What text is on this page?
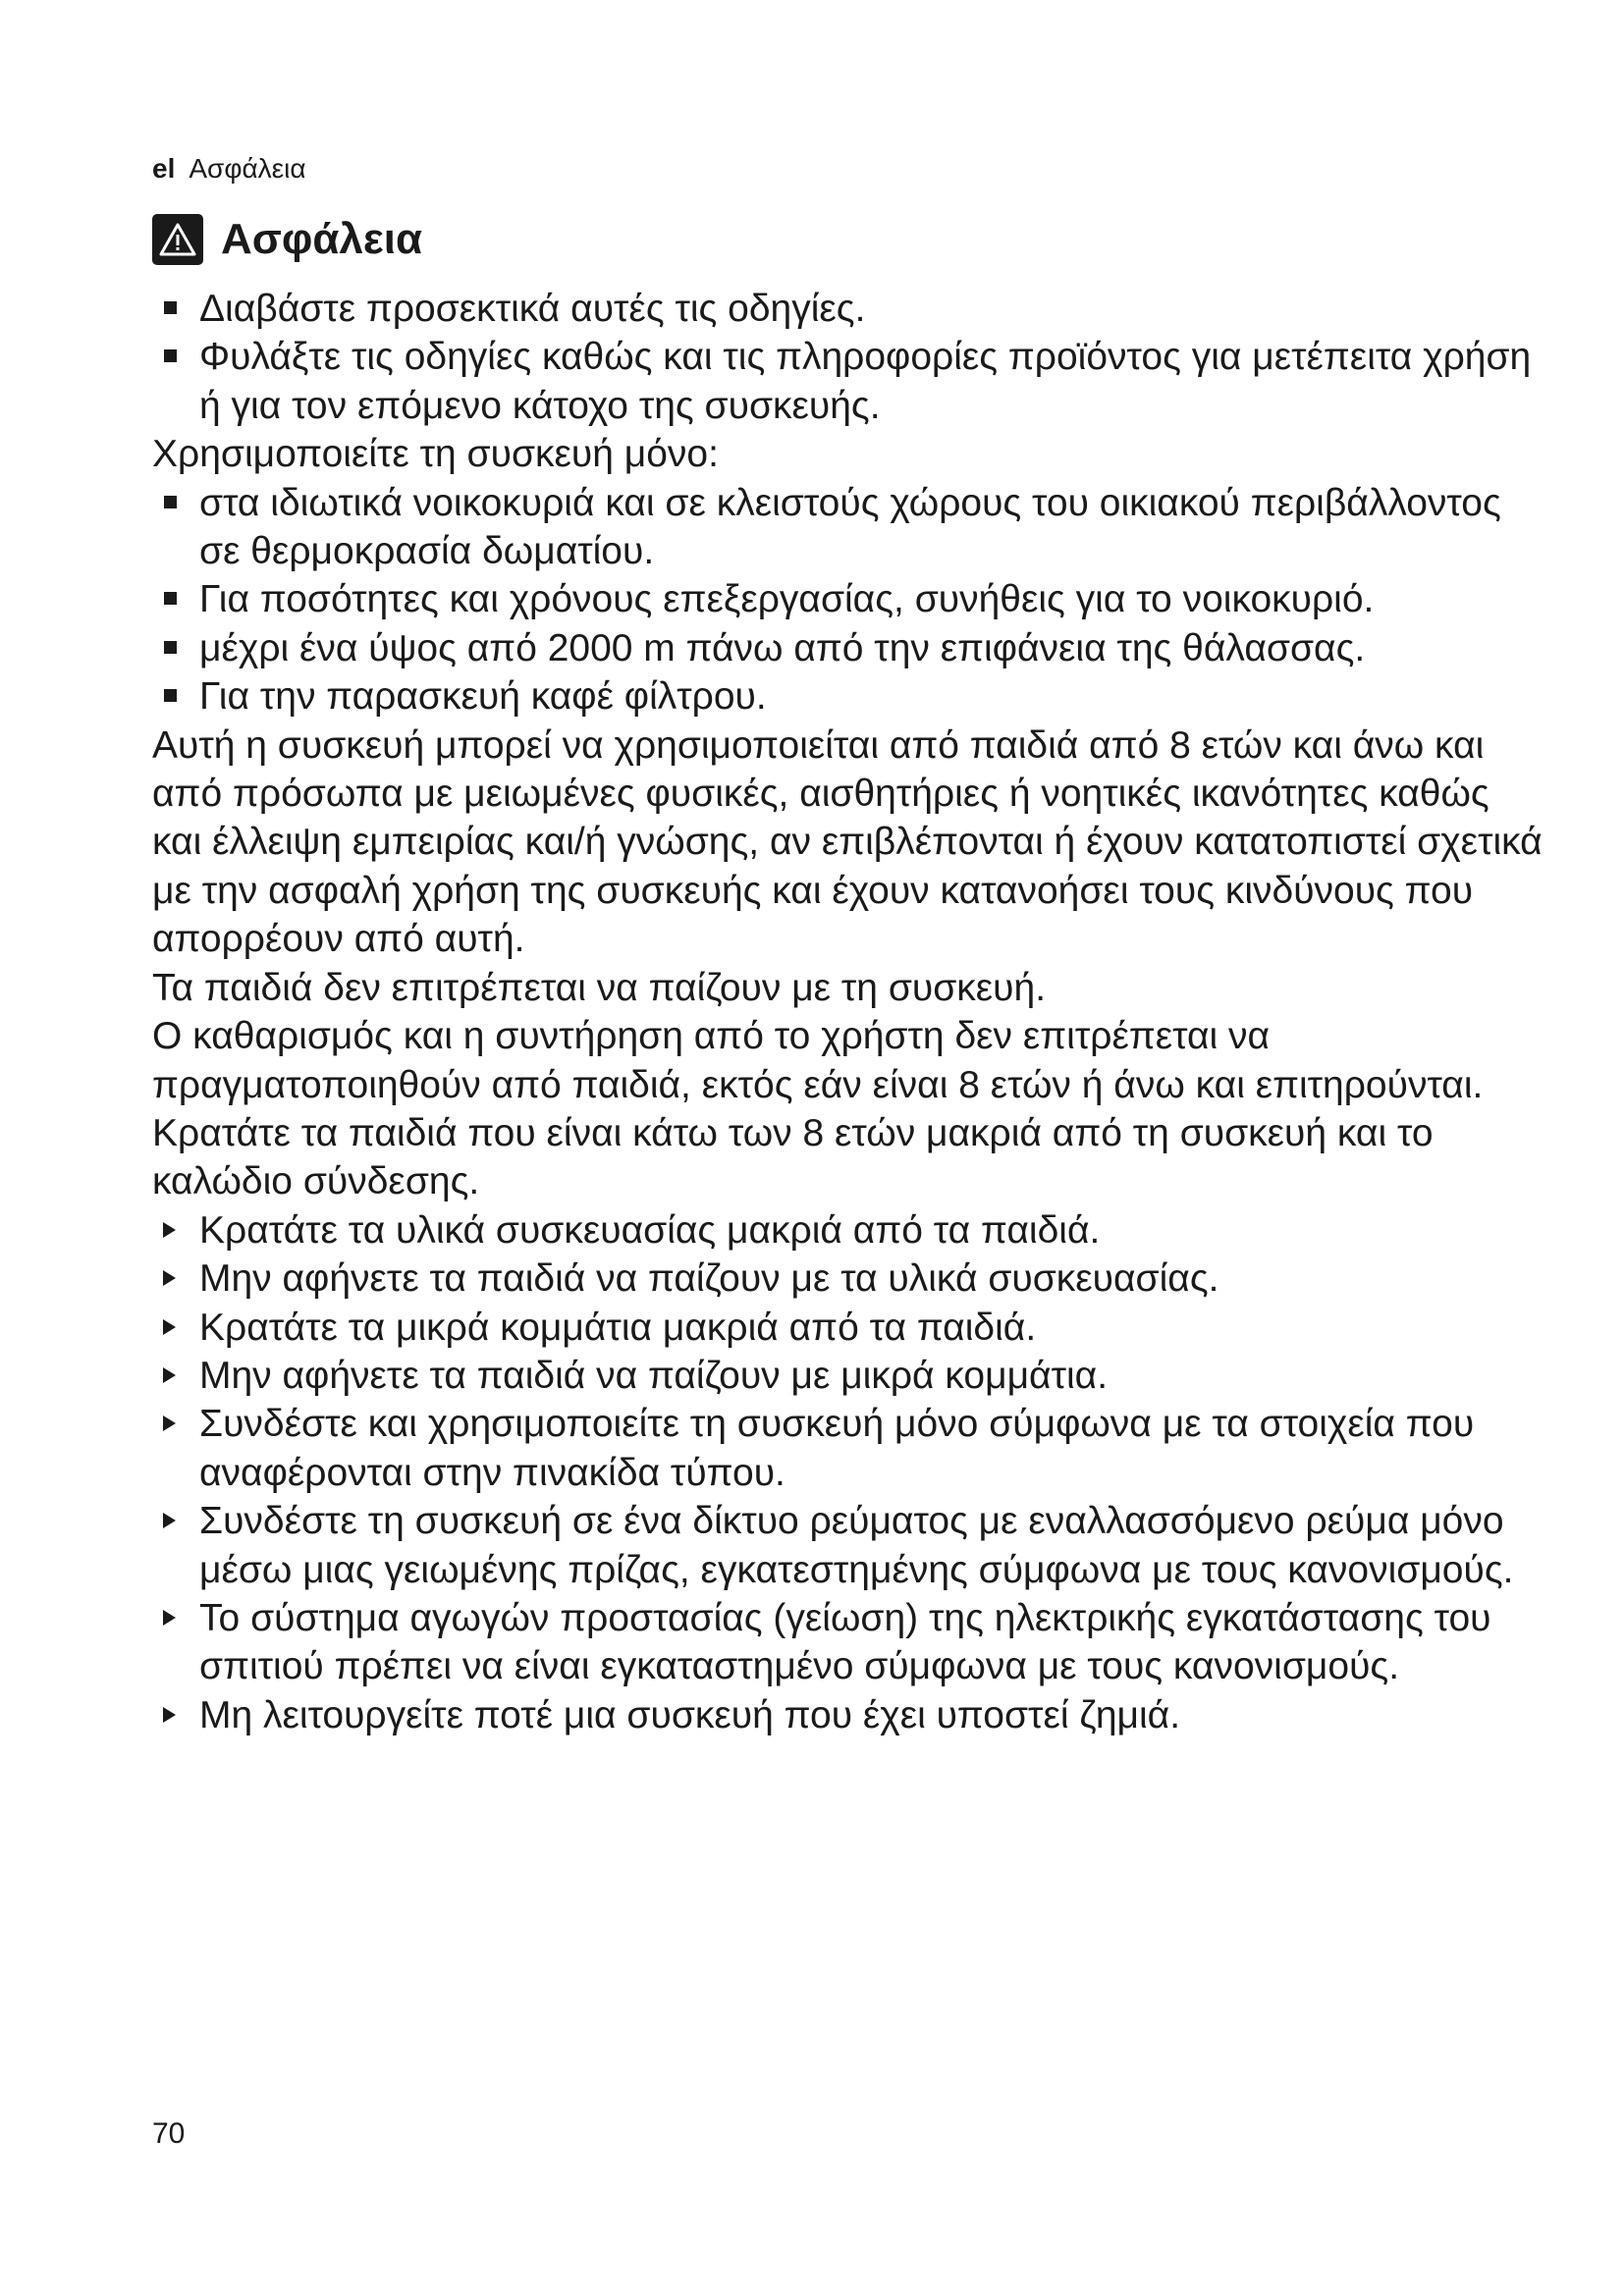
el Ασφάλεια
Ασφάλεια
Διαβάστε προσεκτικά αυτές τις οδηγίες.
Φυλάξτε τις οδηγίες καθώς και τις πληροφορίες προϊόντος για μετέπειτα χρήση ή για τον επόμενο κάτοχο της συσκευής.

Χρησιμοποιείτε τη συσκευή μόνο:

στα ιδιωτικά νοικοκυριά και σε κλειστούς χώρους του οικιακού περιβάλλοντος σε θερμοκρασία δωματίου.
Για ποσότητες και χρόνους επεξεργασίας, συνήθεις για το νοικοκυριό.
μέχρι ένα ύψος από 2000 m πάνω από την επιφάνεια της θάλασσας.
Για την παρασκευή καφέ φίλτρου.

Αυτή η συσκευή μπορεί να χρησιμοποιείται από παιδιά από 8 ετών και άνω και από πρόσωπα με μειωμένες φυσικές, αισθητήριες ή νοητικές ικανότητες καθώς και έλλειψη εμπειρίας και/ή γνώσης, αν επιβλέπονται ή έχουν κατατοπιστεί σχετικά με την ασφαλή χρήση της συσκευής και έχουν κατανοήσει τους κινδύνους που απορρέουν από αυτή.

Τα παιδιά δεν επιτρέπεται να παίζουν με τη συσκευή.

Ο καθαρισμός και η συντήρηση από το χρήστη δεν επιτρέπεται να πραγματοποιηθούν από παιδιά, εκτός εάν είναι 8 ετών ή άνω και επιτηρούνται.

Κρατάτε τα παιδιά που είναι κάτω των 8 ετών μακριά από τη συσκευή και το καλώδιο σύνδεσης.

Κρατάτε τα υλικά συσκευασίας μακριά από τα παιδιά.
Μην αφήνετε τα παιδιά να παίζουν με τα υλικά συσκευασίας.
Κρατάτε τα μικρά κομμάτια μακριά από τα παιδιά.
Μην αφήνετε τα παιδιά να παίζουν με μικρά κομμάτια.
Συνδέστε και χρησιμοποιείτε τη συσκευή μόνο σύμφωνα με τα στοιχεία που αναφέρονται στην πινακίδα τύπου.
Συνδέστε τη συσκευή σε ένα δίκτυο ρεύματος με εναλλασσόμενο ρεύμα μόνο μέσω μιας γειωμένης πρίζας, εγκατεστημένης σύμφωνα με τους κανονισμούς.
Το σύστημα αγωγών προστασίας (γείωση) της ηλεκτρικής εγκατάστασης του σπιτιού πρέπει να είναι εγκαταστημένο σύμφωνα με τους κανονισμούς.
Μη λειτουργείτε ποτέ μια συσκευή που έχει υποστεί ζημιά.
70
